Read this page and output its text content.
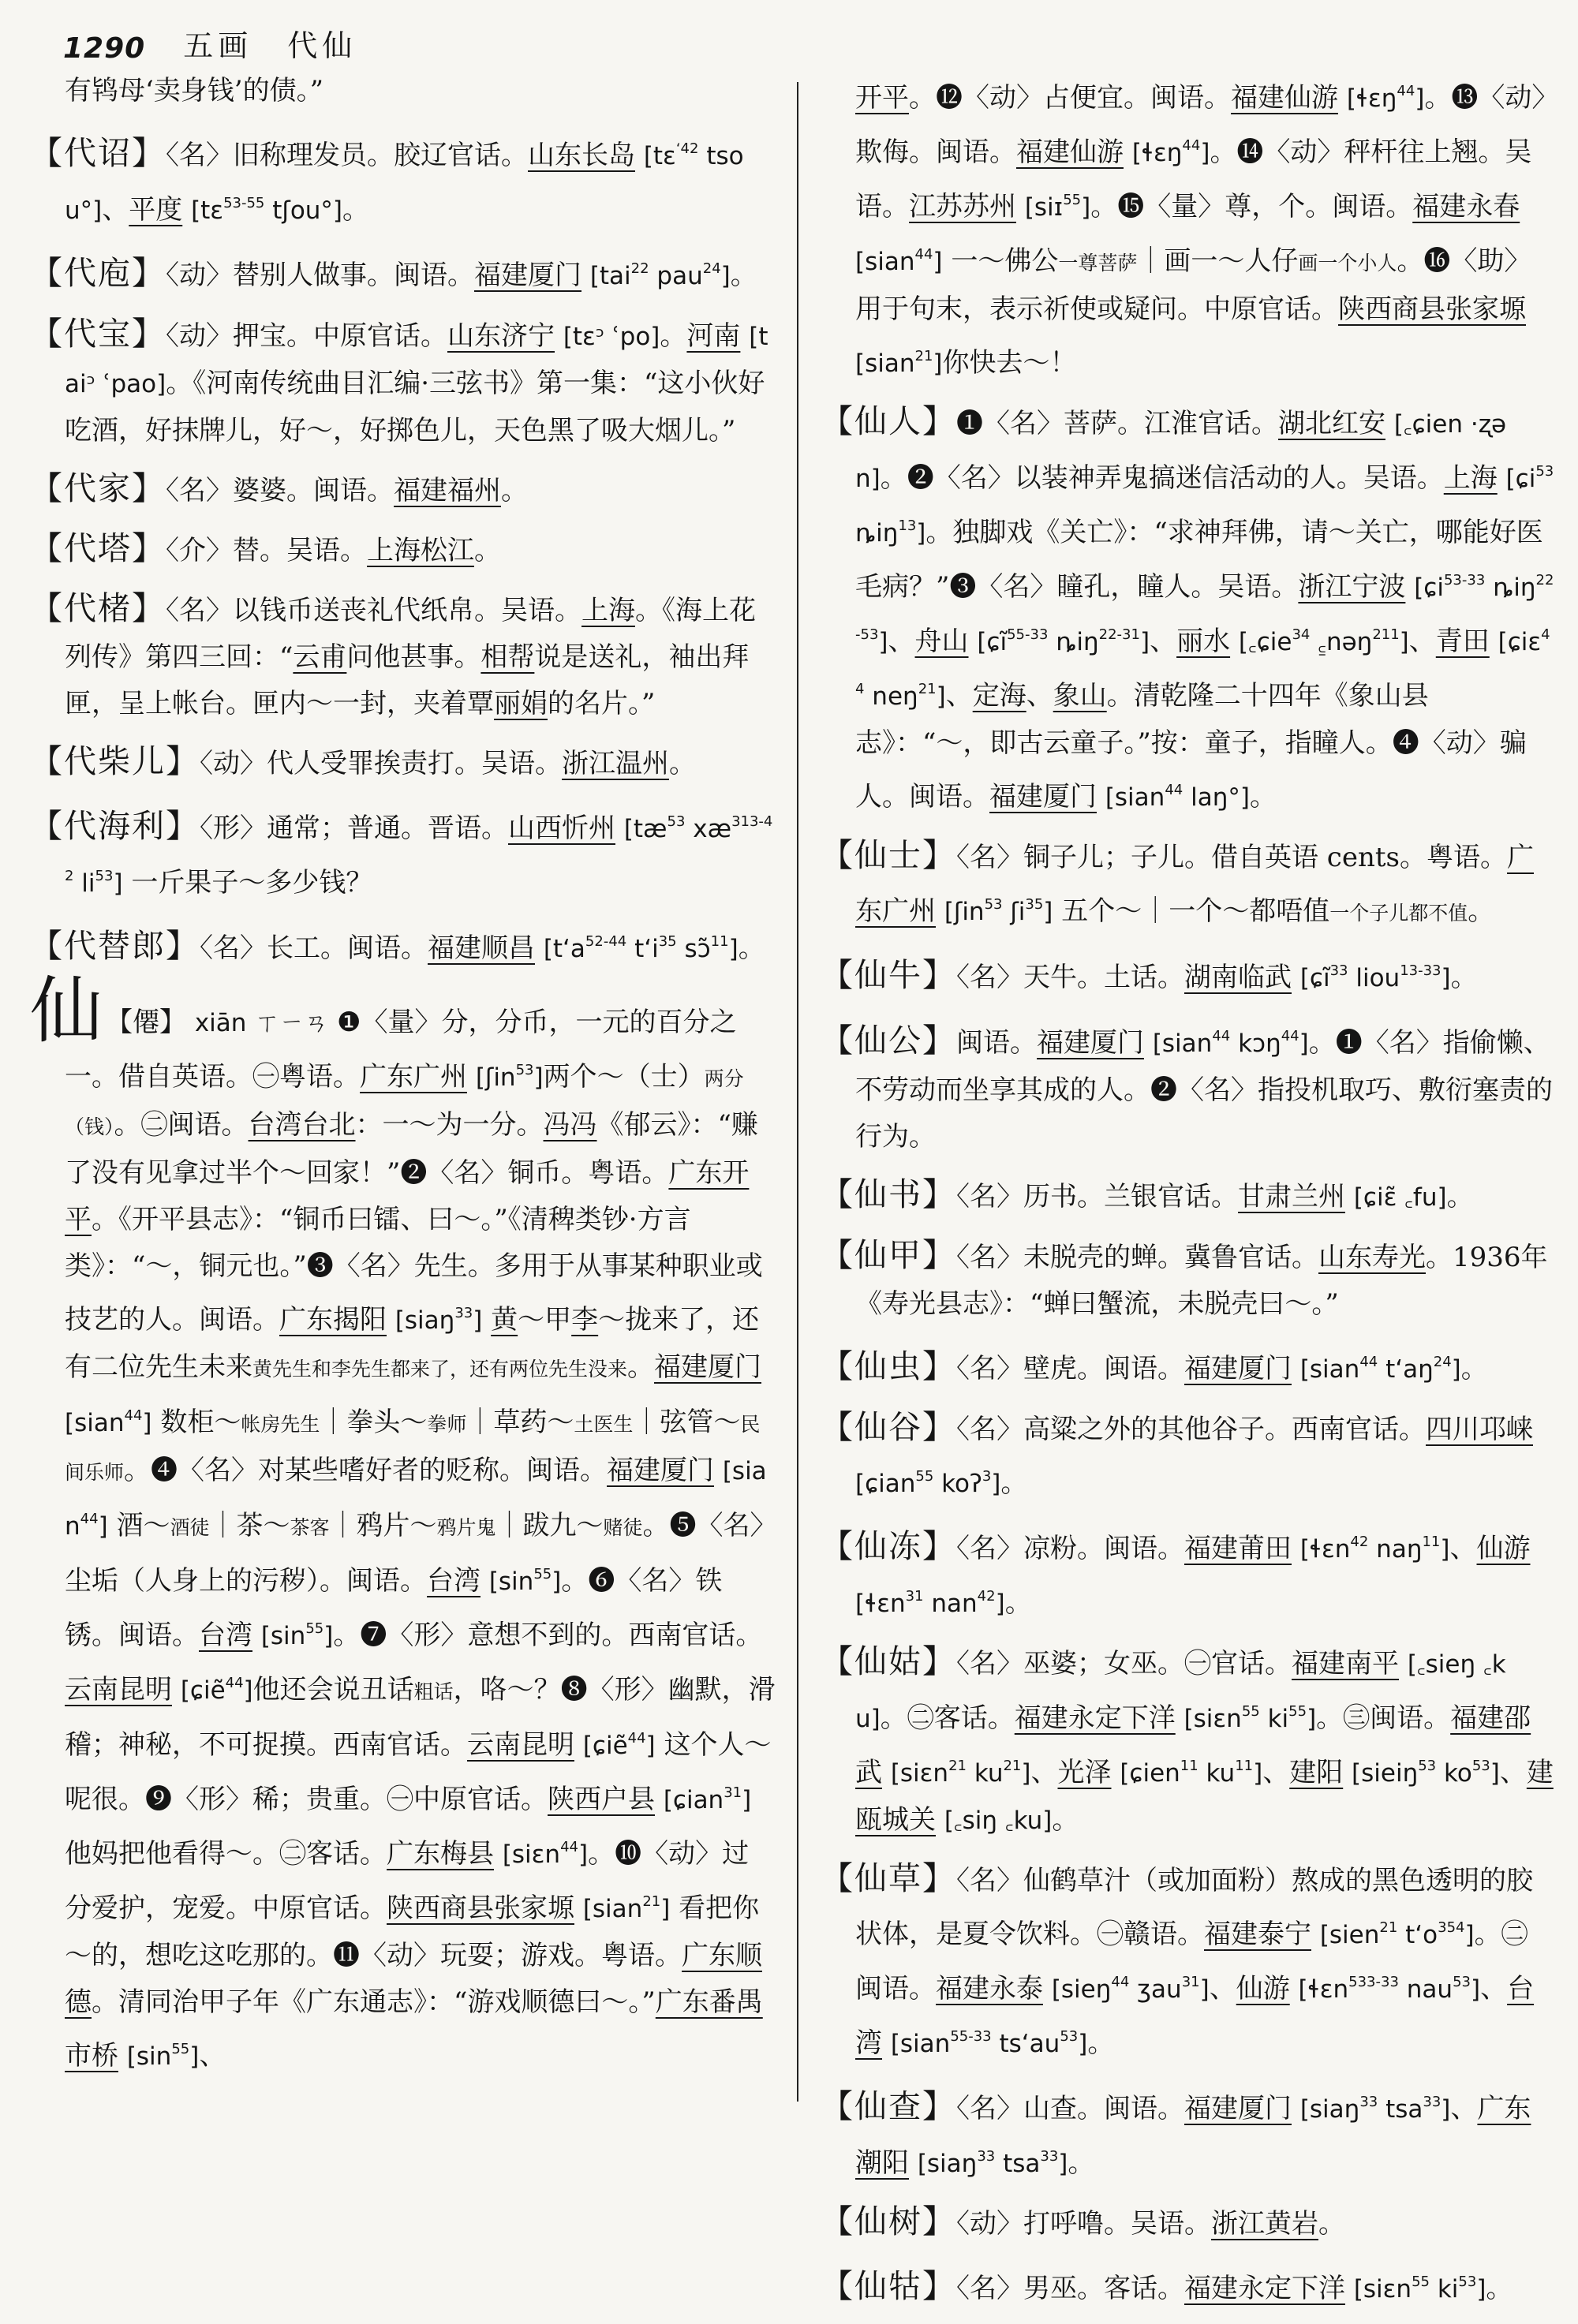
1290 五画　代仙
有鸨母‘卖身钱’的债。”
【代诏】〈名〉旧称理发员。胶辽官话。山东长岛 [tɛ$^{ʻ42}$ tsou°]、平度 [tɛ$^{53-55}$ tʃou°]。
【代庖】〈动〉替别人做事。闽语。福建厦门 [tai$^{22}$ pau$^{24}$]。
【代宝】〈动〉押宝。中原官话。山东济宁 [tɛᵓ ʿpo]。河南 [taiᵓ ʿpao]。《河南传统曲目汇编·三弦书》第一集：“这小伙好吃酒，好抹牌儿，好～，好掷色儿，天色黑了吸大烟儿。”
【代家】〈名〉婆婆。闽语。福建福州。
【代塔】〈介〉替。吴语。上海松江。
【代楮】〈名〉以钱币送丧礼代纸帛。吴语。上海。《海上花列传》第四三回：“云甫问他甚事。相帮说是送礼，袖出拜匣，呈上帐台。匣内～一封，夹着覃丽娟的名片。”
【代柴儿】〈动〉代人受罪挨责打。吴语。浙江温州。
【代海利】〈形〉通常；普通。晋语。山西忻州 [$tæ^{53}$ $xæ^{313-42}$ $li^{53}$] 一斤果子～多少钱？
【代替郎】〈名〉长工。闽语。福建顺昌 [tʻa$^{52-44}$ tʻi$^{35}$ sɔ̃$^{11}$]。
仙 【僊】 xiān ㄒㄧㄢ ❶〈量〉分，分币，一元的百分之一。借自英语。㊀粤语。广东广州 [ʃin$^{53}$]两个～（士）两分（钱）。㊁闽语。台湾台北：一～为一分。冯冯《郁云》：“赚了没有见拿过半个～回家！”❷〈名〉铜币。粤语。广东开平。《开平县志》：“铜币曰镭、曰～。”《清稗类钞·方言类》：“～，铜元也。”❸〈名〉先生。多用于从事某种职业或技艺的人。闽语。广东揭阳 [siaŋ$^{33}$] 黄～甲李～拢来了，还有二位先生未来黄先生和李先生都来了，还有两位先生没来。福建厦门 [sian$^{44}$] 数柜～帐房先生｜拳头～拳师｜草药～土医生｜弦管～民间乐师。❹〈名〉对某些嗜好者的贬称。闽语。福建厦门 [sian$^{44}$] 酒～酒徒｜茶～茶客｜鸦片～鸦片鬼｜跋九～赌徒。❺〈名〉尘垢（人身上的污秽）。闽语。台湾 $[\sin^{55}]$。❻〈名〉铁锈。闽语。台湾 $[\sin^{55}]$。❼〈形〉意想不到的。西南官话。云南昆明 [ɕiẽ$^{44}$]他还会说丑话粗话，咯～？❽〈形〉幽默，滑稽；神秘，不可捉摸。西南官话。云南昆明 [ɕiẽ$^{44}$] 这个人～呢很。❾〈形〉稀；贵重。㊀中原官话。陕西户县 [ɕian$^{31}$] 他妈把他看得～。㊁客话。广东梅县 [siɛn$^{44}$]。❿〈动〉过分爱护，宠爱。中原官话。陕西商县张家塬 [sian$^{21}$] 看把你～的，想吃这吃那的。⓫〈动〉玩耍；游戏。粤语。广东顺德。清同治甲子年《广东通志》：“游戏顺德曰～。”广东番禺市桥 $[\sin^{55}]$、
开平。⓬〈动〉占便宜。闽语。福建仙游 [ɬɛŋ$^{44}$]。⓭〈动〉欺侮。闽语。福建仙游 [ɬɛŋ$^{44}$]。⓮〈动〉秤杆往上翘。吴语。江苏苏州 [siɪ$^{55}$]。⓯〈量〉尊，个。闽语。福建永春 [sian$^{44}$] 一～佛公一尊菩萨｜画一～人仔画一个小人。⓰〈助〉用于句末，表示祈使或疑问。中原官话。陕西商县张家塬 [sian$^{21}$]你快去～！
【仙人】❶〈名〉菩萨。江淮官话。湖北红安 [꜀ɕien ·ʐən]。❷〈名〉以装神弄鬼搞迷信活动的人。吴语。上海 [ɕi$^{53}$ ȵiŋ$^{13}$]。独脚戏《关亡》：“求神拜佛，请～关亡，哪能好医毛病？”❸〈名〉瞳孔，瞳人。吴语。浙江宁波 [ɕi$^{53-33}$ ȵiŋ$^{22-53}$]、舟山 [ɕĩ$^{55-33}$ ȵiŋ$^{22-31}$]、丽水 [꜀ɕie$^{34}$ ꜁nəŋ$^{211}$]、青田 [ɕiɛ$^{44}$ neŋ$^{21}$]、定海、象山。清乾隆二十四年《象山县志》：“～，即古云童子。”按：童子，指瞳人。❹〈动〉骗人。闽语。福建厦门 [sian$^{44}$ laŋ°]。
【仙士】〈名〉铜子儿；子儿。借自英语 cents。粤语。广东广州 [ʃin$^{53}$ ʃi$^{35}$] 五个～｜一个～都唔值一个子儿都不值。
【仙牛】〈名〉天牛。土话。湖南临武 [ɕĩ$^{33}$ liou$^{13-33}$]。
【仙公】闽语。福建厦门 [sian$^{44}$ kɔŋ$^{44}$]。❶〈名〉指偷懒、不劳动而坐享其成的人。❷〈名〉指投机取巧、敷衍塞责的行为。
【仙书】〈名〉历书。兰银官话。甘肃兰州 [ɕiɛ̃ ꜀fu]。
【仙甲】〈名〉未脱壳的蝉。冀鲁官话。山东寿光。1936年《寿光县志》：“蝉曰蟹流，未脱壳曰～。”
【仙虫】〈名〉壁虎。闽语。福建厦门 [sian$^{44}$ tʻaŋ$^{24}$]。
【仙谷】〈名〉高粱之外的其他谷子。西南官话。四川邛崃 [ɕian$^{55}$ koʔ$^3$]。
【仙冻】〈名〉凉粉。闽语。福建莆田 [ɬɛn$^{42}$ naŋ$^{11}$]、仙游 [ɬɛn$^{31}$ nan$^{42}$]。
【仙姑】〈名〉巫婆；女巫。㊀官话。福建南平 [꜀sieŋ ꜀ku]。㊁客话。福建永定下洋 [siɛn$^{55}$ $ki^{55}$]。㊂闽语。福建邵武 [siɛn$^{21}$ $ku^{21}$]、光泽 [ɕien$^{11}$ $ku^{11}$]、建阳 [sieiŋ$^{53}$ $ko^{53}$]、建瓯城关 [꜀siŋ ꜀ku]。
【仙草】〈名〉仙鹤草汁（或加面粉）熬成的黑色透明的胶状体，是夏令饮料。㊀赣语。福建泰宁 [sien$^{21}$ tʻo$^{354}$]。㊁闽语。福建永泰 [sieŋ$^{44}$ ʒau$^{31}$]、仙游 [ɬɛn$^{533-33}$ nau$^{53}$]、台湾 [sian$^{55-33}$ tsʻau$^{53}$]。
【仙查】〈名〉山查。闽语。福建厦门 [siaŋ$^{33}$ tsa$^{33}$]、广东潮阳 [siaŋ$^{33}$ tsa$^{33}$]。
【仙树】〈动〉打呼噜。吴语。浙江黄岩。
【仙牯】〈名〉男巫。客话。福建永定下洋 [siɛn$^{55}$ $ki^{53}$]。
